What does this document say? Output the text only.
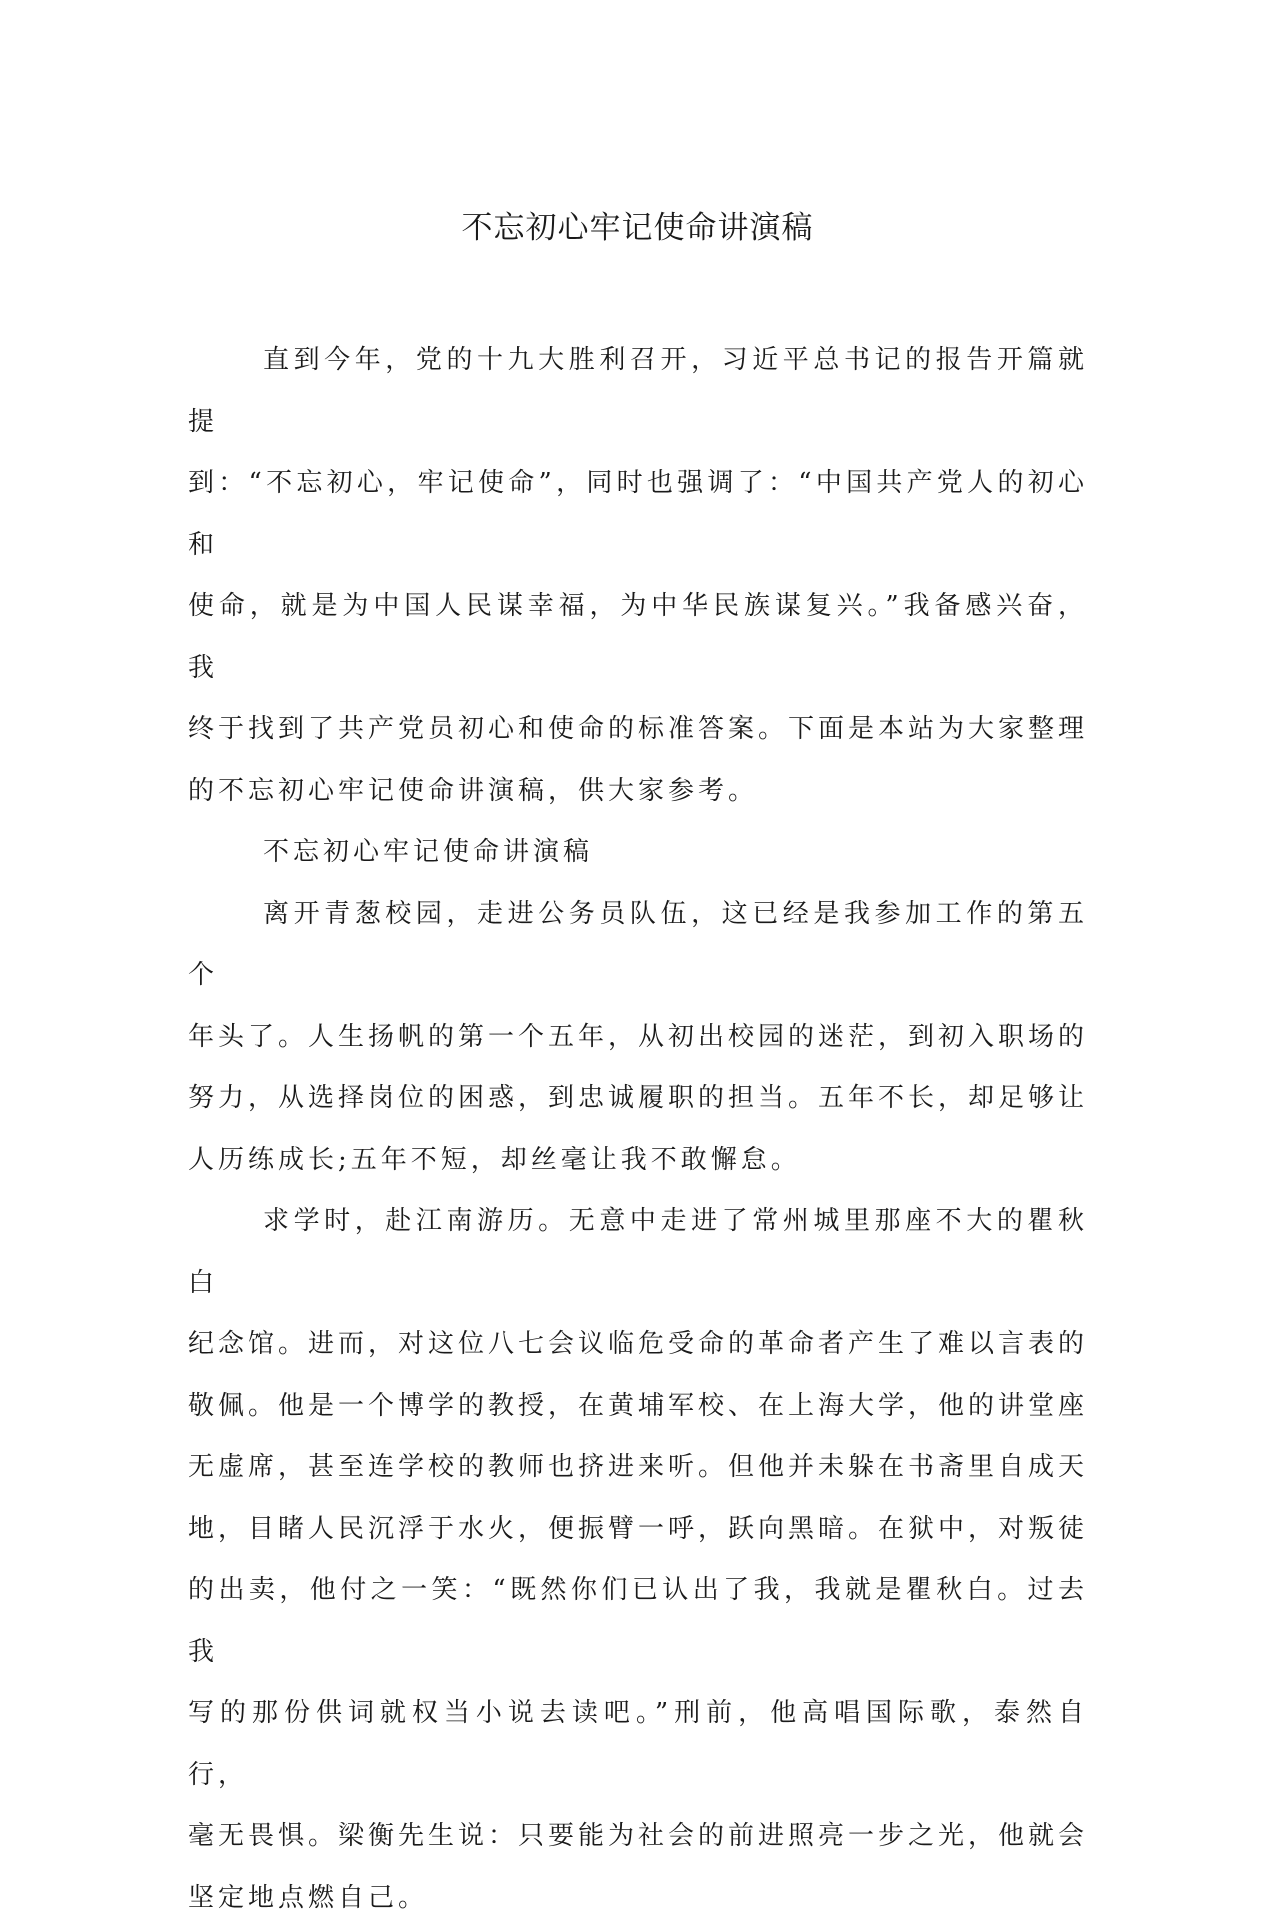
不忘初心牢记使命讲演稿

直到今年，党的十九大胜利召开，习近平总书记的报告开篇就提
到：“不忘初心，牢记使命”，同时也强调了：“中国共产党人的初心和
使命，就是为中国人民谋幸福，为中华民族谋复兴。”我备感兴奋，我
终于找到了共产党员初心和使命的标准答案。下面是本站为大家整理
的不忘初心牢记使命讲演稿，供大家参考。

不忘初心牢记使命讲演稿

离开青葱校园，走进公务员队伍，这已经是我参加工作的第五个
年头了。人生扬帆的第一个五年，从初出校园的迷茫，到初入职场的
努力，从选择岗位的困惑，到忠诚履职的担当。五年不长，却足够让
人历练成长;五年不短，却丝毫让我不敢懈怠。

求学时，赴江南游历。无意中走进了常州城里那座不大的瞿秋白
纪念馆。进而，对这位八七会议临危受命的革命者产生了难以言表的
敬佩。他是一个博学的教授，在黄埔军校、在上海大学，他的讲堂座
无虚席，甚至连学校的教师也挤进来听。但他并未躲在书斋里自成天
地，目睹人民沉浮于水火，便振臂一呼，跃向黑暗。在狱中，对叛徒
的出卖，他付之一笑：“既然你们已认出了我，我就是瞿秋白。过去我
写的那份供词就权当小说去读吧。”刑前，他高唱国际歌，泰然自行，
毫无畏惧。梁衡先生说：只要能为社会的前进照亮一步之光，他就会
坚定地点燃自己。
